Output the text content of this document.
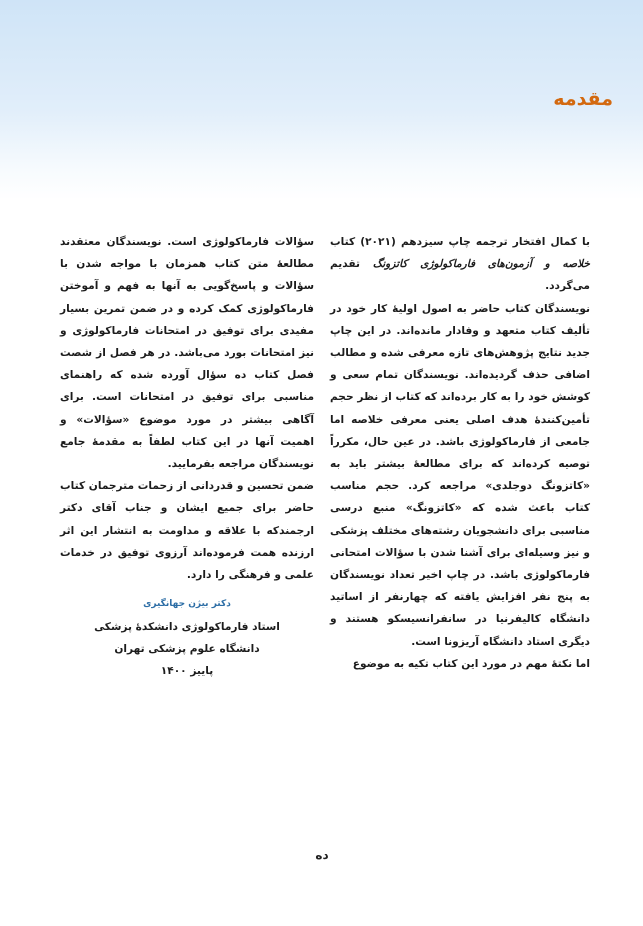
مقدمه

با کمال افتخار ترجمه چاپ سیزدهم (۲۰۲۱) کتاب خلاصه و آزمون‌های فارماکولوژی کاتزونگ تقدیم می‌گردد.

نویسندگان کتاب حاضر به اصول اولیهٔ کار خود در تألیف کتاب متعهد و وفادار مانده‌اند. در این چاپ جدید نتایج پژوهش‌های تازه معرفی شده و مطالب اضافی حذف گردیده‌اند. نویسندگان تمام سعی و کوشش خود را به کار برده‌اند که کتاب از نظر حجم تأمین‌کنندهٔ هدف اصلی یعنی معرفی خلاصه اما جامعی از فارماکولوژی باشد. در عین حال، مکرراً توصیه کرده‌اند که برای مطالعهٔ بیشتر باید به «کاتزونگ دوجلدی» مراجعه کرد. حجم مناسب کتاب باعث شده که «کاتزونگ» منبع درسی مناسبی برای دانشجویان رشته‌های مختلف پزشکی و نیز وسیله‌ای برای آشنا شدن با سؤالات امتحانی فارماکولوژی باشد. در چاپ اخیر تعداد نویسندگان به پنج نفر افزایش یافته که چهارنفر از اساتید دانشگاه کالیفرنیا در سانفرانسیسکو هستند و دیگری استاد دانشگاه آریزونا است.

اما نکتهٔ مهم در مورد این کتاب تکیه به موضوع

سؤالات فارماکولوژی است. نویسندگان معتقدند مطالعهٔ متن کتاب همزمان با مواجه شدن با سؤالات و پاسخ‌گویی به آنها به فهم و آموختن فارماکولوژی کمک کرده و در ضمن تمرین بسیار مفیدی برای توفیق در امتحانات فارماکولوژی و نیز امتحانات بورد می‌باشد. در هر فصل از شصت فصل کتاب ده سؤال آورده شده که راهنمای مناسبی برای توفیق در امتحانات است. برای آگاهی بیشتر در مورد موضوع «سؤالات» و اهمیت آنها در این کتاب لطفاً به مقدمهٔ جامع نویسندگان مراجعه بفرمایید.

ضمن تحسین و قدردانی از زحمات مترجمان کتاب حاضر برای جمیع ایشان و جناب آقای دکتر ارجمندکه با علاقه و مداومت به انتشار این اثر ارزنده همت فرموده‌اند آرزوی توفیق در خدمات علمی و فرهنگی را دارد.

دکتر بیژن جهانگیری
استاد فارماکولوژی دانشکدهٔ پزشکی
دانشگاه علوم پزشکی تهران
پاییز ۱۴۰۰
ده
